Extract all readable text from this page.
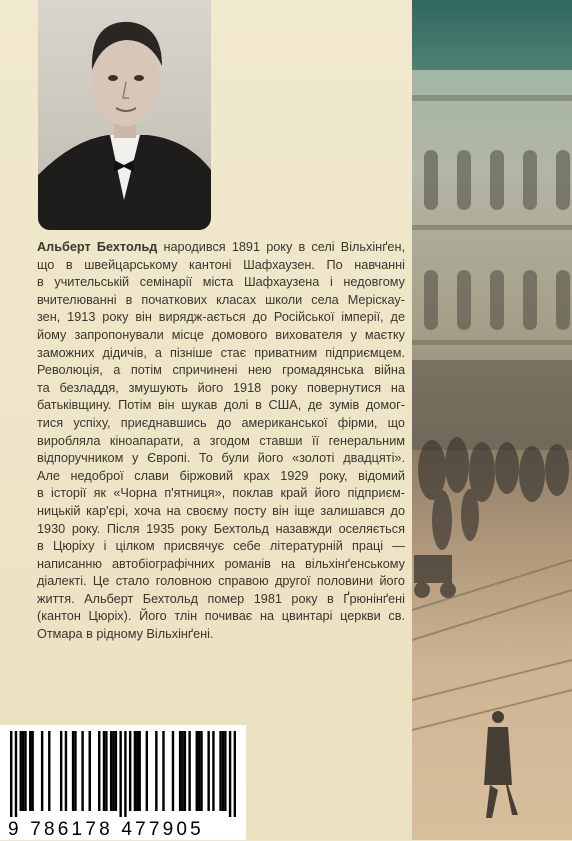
Альберт Бехтольд народився 1891 року в селі Вільхінґен,
що в швейцарському кантоні Шафхаузен. По навчанні
в учительській семінарії міста Шафхаузена і недовгому
вчителюванні в початкових класах школи села Меріскау-
зен, 1913 року він вирядж-ається до Російської імперії, де
йому запропонували місце домового вихователя у маєтку
заможних дідичів, а пізніше стає приватним підприємцем.
Революція, а потім спричинені нею громадянська війна
та безладдя, змушують його 1918 року повернутися на
батьківщину. Потім він шукав долі в США, де зумів домог-
тися успіху, приєднавшись до американської фірми, що
виробляла кіноапарати, а згодом ставши її генеральним
відпоручником у Європі. То були його «золоті двадцяті».
Але недоброї слави біржовий крах 1929 року, відомий
в історії як «Чорна п'ятниця», поклав край його підприєм-
ницькій кар'єрі, хоча на своєму посту він іще залишався до
1930 року. Після 1935 року Бехтольд назавжди оселяється
в Цюріху і цілком присвячує себе літературній праці —
написанню автобіографічних романів на вільхінґенському
діалекті. Це стало головною справою другої половини його
життя. Альберт Бехтольд помер 1981 року в Ґрюнінґені
(кантон Цюріх). Його тлін почиває на цвинтарі церкви св.
Отмара в рідному Вільхінґені.
9 786178 477905
